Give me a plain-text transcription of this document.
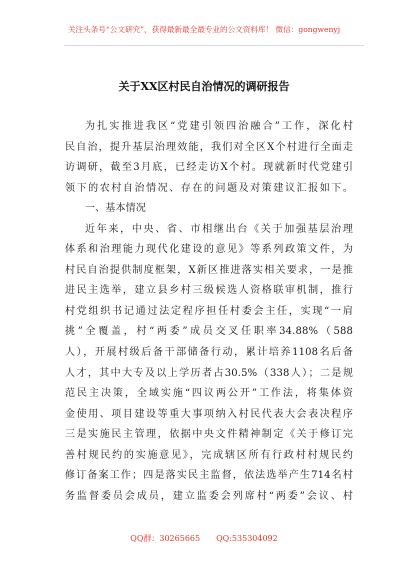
关注头条号“公文研究”，获得最新最全最专业的公文资料库！ 微信：gongwenyj
关于XX区村民自治情况的调研报告
为扎实推进我区“党建引领四治融合”工作，深化村
民自治，提升基层治理效能，我们对全区X个村进行全面走
访调研，截至3月底，已经走访X个村。现就新时代党建引
领下的农村自治情况、存在的问题及对策建议汇报如下。
一、基本情况
近年来，中央、省、市相继出台《关于加强基层治理
体系和治理能力现代化建设的意见》等系列政策文件，为
村民自治提供制度框架，X新区推进落实相关要求，一是推
进民主选举，建立县乡村三级候选人资格联审机制，推行
村党组织书记通过法定程序担任村委会主任，实现“一肩
挑”全覆盖，村“两委”成员交叉任职率34.88%（588
人），开展村级后备干部储备行动，累计培养1108名后备
人才，其中大专及以上学历者占30.5%（338人）；二是规
范民主决策，全域实施“四议两公开”工作法，将集体资
金使用、项目建设等重大事项纳入村民代表大会表决程序
三是实施民主管理，依据中央文件精神制定《关于修订完
善村规民约的实施意见》，完成辖区所有行政村村规民约
修订备案工作；四是落实民主监督，依法选举产生714名村
务监督委员会成员，建立监委会列席村“两委”会议、村
QQ群：30265665 QQ:535304092
